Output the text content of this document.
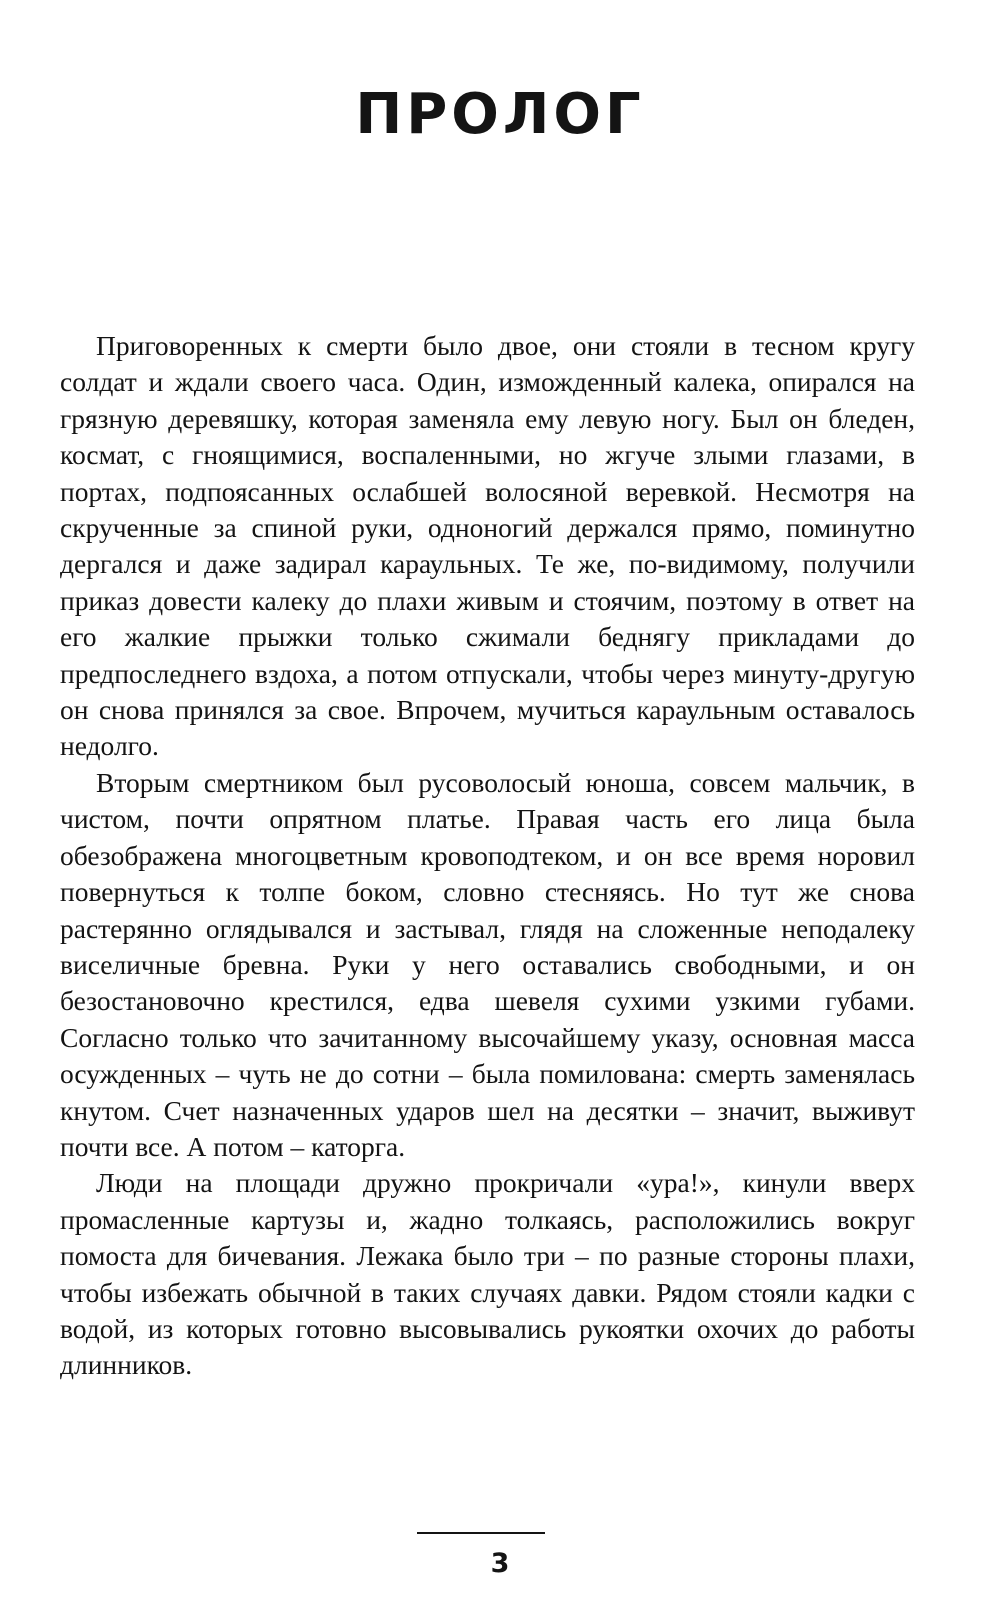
ПРОЛОГ

Приговоренных к смерти было двое, они стояли в тесном кругу солдат и ждали своего часа. Один, изможденный калека, опирался на грязную деревяшку, которая заменяла ему левую ногу. Был он бледен, космат, с гноящимися, воспаленными, но жгуче злыми глазами, в портах, подпоясанных ослабшей волосяной веревкой. Несмотря на скрученные за спиной руки, одноногий держался прямо, поминутно дергался и даже задирал караульных. Те же, по-видимому, получили приказ довести калеку до плахи живым и стоячим, поэтому в ответ на его жалкие прыжки только сжимали беднягу прикладами до предпоследнего вздоха, а потом отпускали, чтобы через минуту-другую он снова принялся за свое. Впрочем, мучиться караульным оставалось недолго.

Вторым смертником был русоволосый юноша, совсем мальчик, в чистом, почти опрятном платье. Правая часть его лица была обезображена многоцветным кровоподтеком, и он все время норовил повернуться к толпе боком, словно стесняясь. Но тут же снова растерянно оглядывался и застывал, глядя на сложенные неподалеку виселичные бревна. Руки у него оставались свободными, и он безостановочно крестился, едва шевеля сухими узкими губами. Согласно только что зачитанному высочайшему указу, основная масса осужденных – чуть не до сотни – была помилована: смерть заменялась кнутом. Счет назначенных ударов шел на десятки – значит, выживут почти все. А потом – каторга.

Люди на площади дружно прокричали «ура!», кинули вверх промасленные картузы и, жадно толкаясь, расположились вокруг помоста для бичевания. Лежака было три – по разные стороны плахи, чтобы избежать обычной в таких случаях давки. Рядом стояли кадки с водой, из которых готовно высовывались рукоятки охочих до работы длинников.

3
